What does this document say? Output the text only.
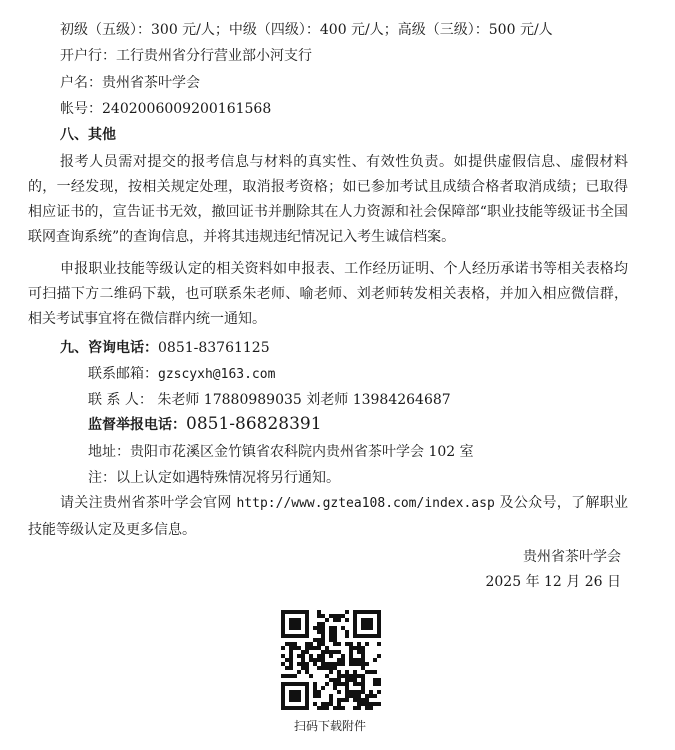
初级（五级）：300 元/人；中级（四级）：400 元/人；高级（三级）：500 元/人
开户行：工行贵州省分行营业部小河支行
户名：贵州省茶叶学会
帐号：2402006009200161568
八、其他
报考人员需对提交的报考信息与材料的真实性、有效性负责。如提供虚假信息、虚假材料的，一经发现，按相关规定处理，取消报考资格；如已参加考试且成绩合格者取消成绩；已取得相应证书的，宣告证书无效，撤回证书并删除其在人力资源和社会保障部“职业技能等级证书全国联网查询系统”的查询信息，并将其违规违纪情况记入考生诚信档案。
申报职业技能等级认定的相关资料如申报表、工作经历证明、个人经历承诺书等相关表格均可扫描下方二维码下载，也可联系朱老师、喻老师、刘老师转发相关表格，并加入相应微信群，相关考试事宜将在微信群内统一通知。
九、咨询电话：0851-83761125
联系邮箱：gzscyxh@163.com
联 系 人： 朱老师 17880989035 刘老师 13984264687
监督举报电话：0851-86828391
地址：贵阳市花溪区金竹镇省农科院内贵州省茶叶学会 102 室
注：以上认定如遇特殊情况将另行通知。
请关注贵州省茶叶学会官网 http://www.gztea108.com/index.asp 及公众号，了解职业技能等级认定及更多信息。
贵州省茶叶学会
2025 年 12 月 26 日
扫码下载附件
